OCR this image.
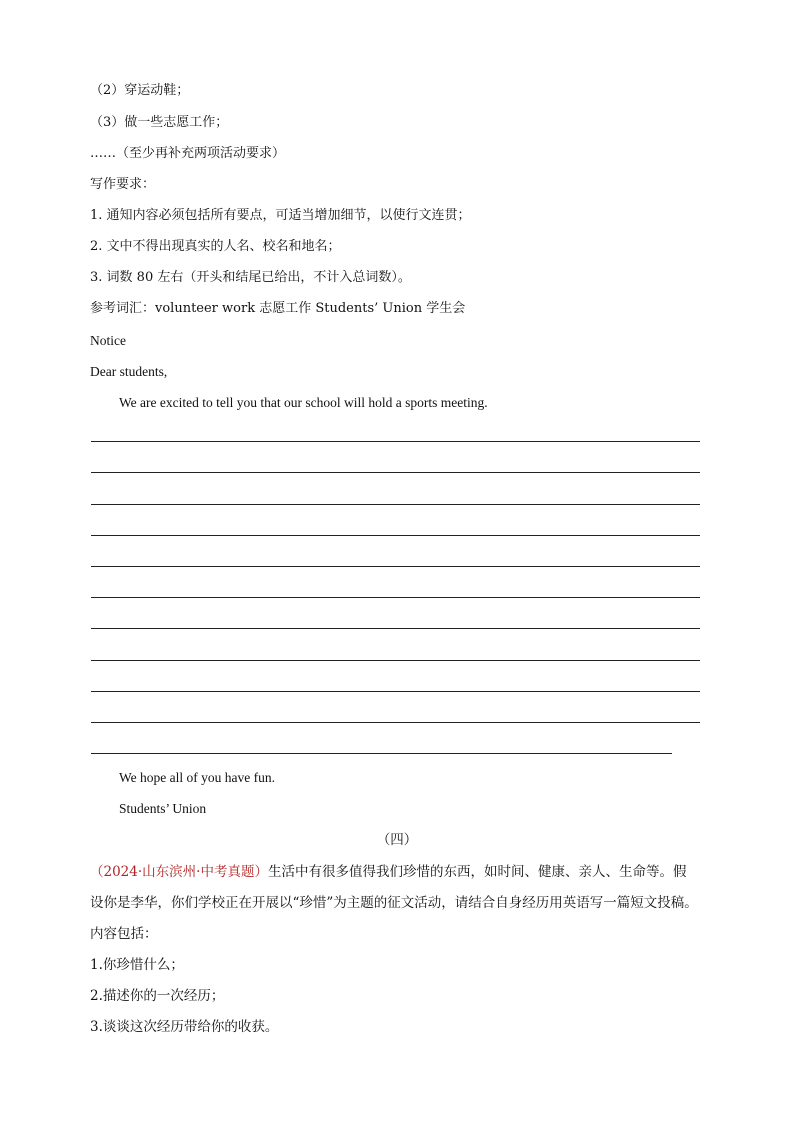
（2）穿运动鞋；
（3）做一些志愿工作；
……（至少再补充两项活动要求）
写作要求：
1. 通知内容必须包括所有要点，可适当增加细节，以使行文连贯；
2. 文中不得出现真实的人名、校名和地名；
3. 词数 80 左右（开头和结尾已给出，不计入总词数）。
参考词汇：volunteer work 志愿工作 Students’ Union 学生会
Notice
Dear students,
We are excited to tell you that our school will hold a sports meeting.
We hope all of you have fun.
Students’ Union
（四）
（2024·山东滨州·中考真题）生活中有很多值得我们珍惜的东西，如时间、健康、亲人、生命等。假
设你是李华，你们学校正在开展以“珍惜”为主题的征文活动，请结合自身经历用英语写一篇短文投稿。
内容包括：
1.你珍惜什么；
2.描述你的一次经历；
3.谈谈这次经历带给你的收获。
